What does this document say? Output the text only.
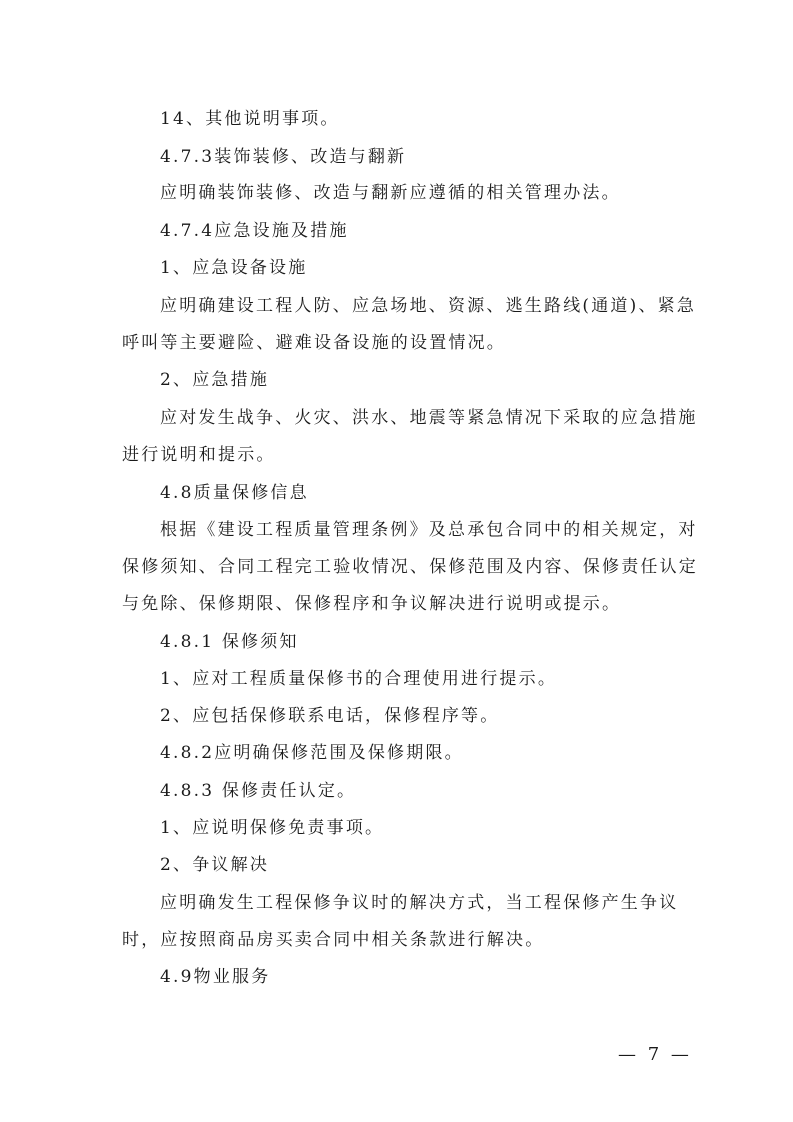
14、其他说明事项。
4.7.3装饰装修、改造与翻新
应明确装饰装修、改造与翻新应遵循的相关管理办法。
4.7.4应急设施及措施
1、应急设备设施
应明确建设工程人防、应急场地、资源、逃生路线(通道)、紧急
呼叫等主要避险、避难设备设施的设置情况。
2、应急措施
应对发生战争、火灾、洪水、地震等紧急情况下采取的应急措施
进行说明和提示。
4.8质量保修信息
根据《建设工程质量管理条例》及总承包合同中的相关规定，对
保修须知、合同工程完工验收情况、保修范围及内容、保修责任认定
与免除、保修期限、保修程序和争议解决进行说明或提示。
4.8.1 保修须知
1、应对工程质量保修书的合理使用进行提示。
2、应包括保修联系电话，保修程序等。
4.8.2应明确保修范围及保修期限。
4.8.3 保修责任认定。
1、应说明保修免责事项。
2、争议解决
应明确发生工程保修争议时的解决方式，当工程保修产生争议
时，应按照商品房买卖合同中相关条款进行解决。
4.9物业服务
— 7 —
